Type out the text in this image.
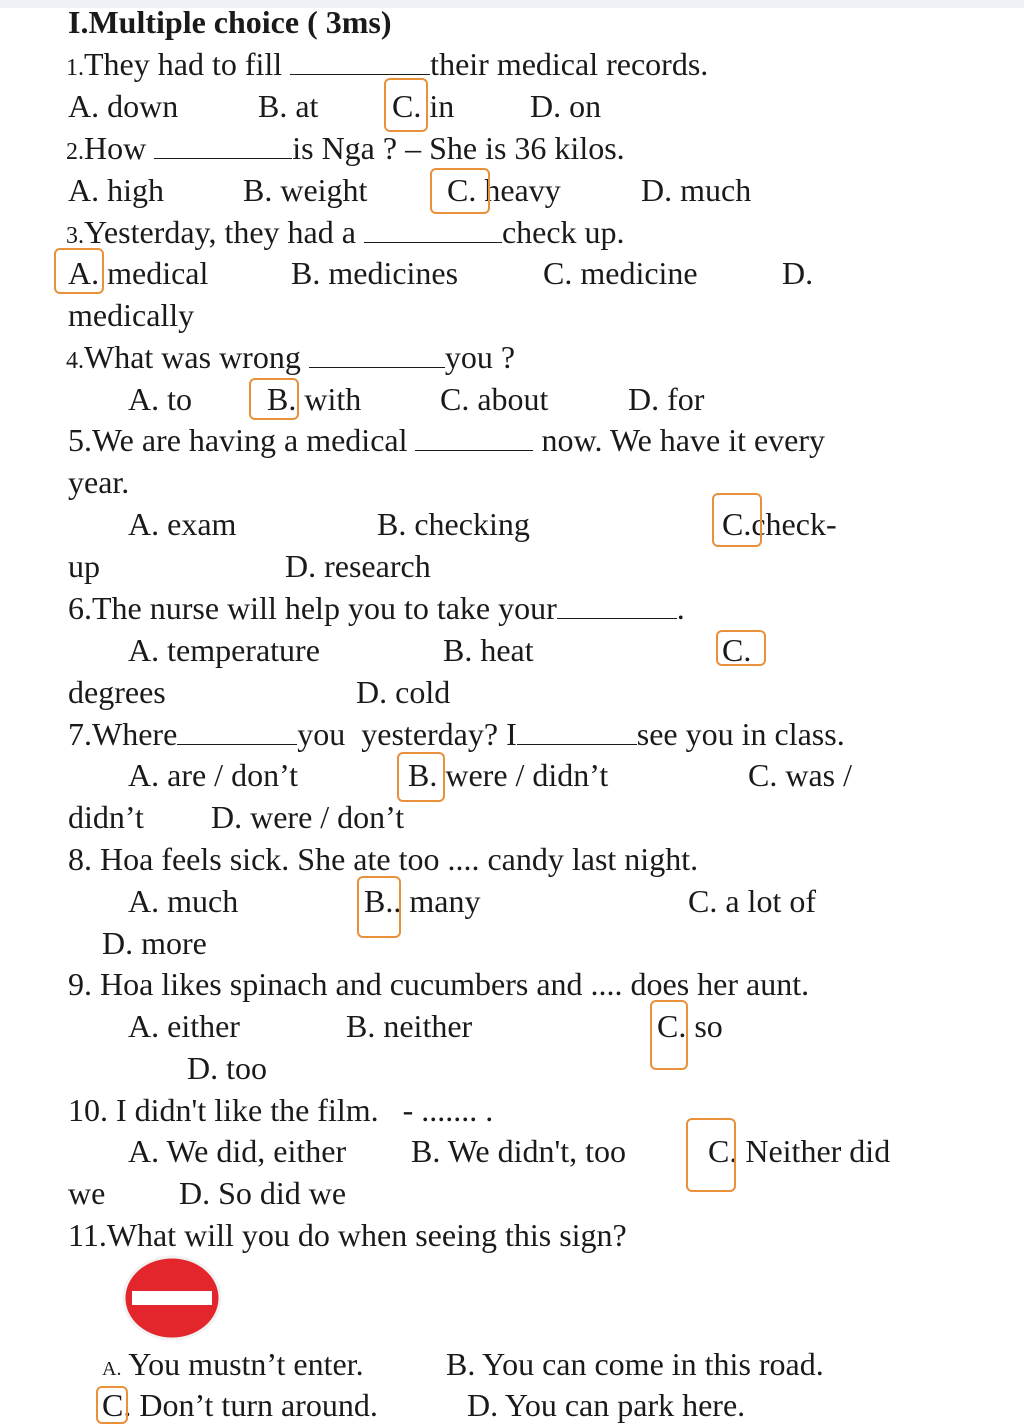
I.Multiple choice ( 3ms)
1.They had to fill	their medical records.
A. down B. at C. in D. on
2.How	is Nga ? – She is 36 kilos.
A. high B. weight C. heavy	D. much
3.Yesterday, they had a	check up.
A. medical	B. medicines	C. medicine	D.
medically
4.What was wrong	you ?
A. to B. with C. about D. for
5.We are having a medical	now. We have it every
year.
A. exam	B. checking	C.check-
up	D. research
6.The nurse will help you to take your	.
A. temperature	B. heat	C.
degrees	D. cold
7.Where	you  yesterday? I	see you in class.
A. are / don’t	B. were / didn’t	C. was /
didn’t D. were / don’t
8. Hoa feels sick. She ate too .... candy last night.
A. much	B.. many	C. a lot of
D. more
9. Hoa likes spinach and cucumbers and .... does her aunt.
A. either	B. neither	C. so
D. too
10. I didn't like the film.   - ....... .
A. We did, either B. We didn't, too	C. Neither did
we D. So did we
11.What will you do when seeing this sign?
A. You mustn’t enter.	B. You can come in this road.
C. Don’t turn around.	D. You can park here.
